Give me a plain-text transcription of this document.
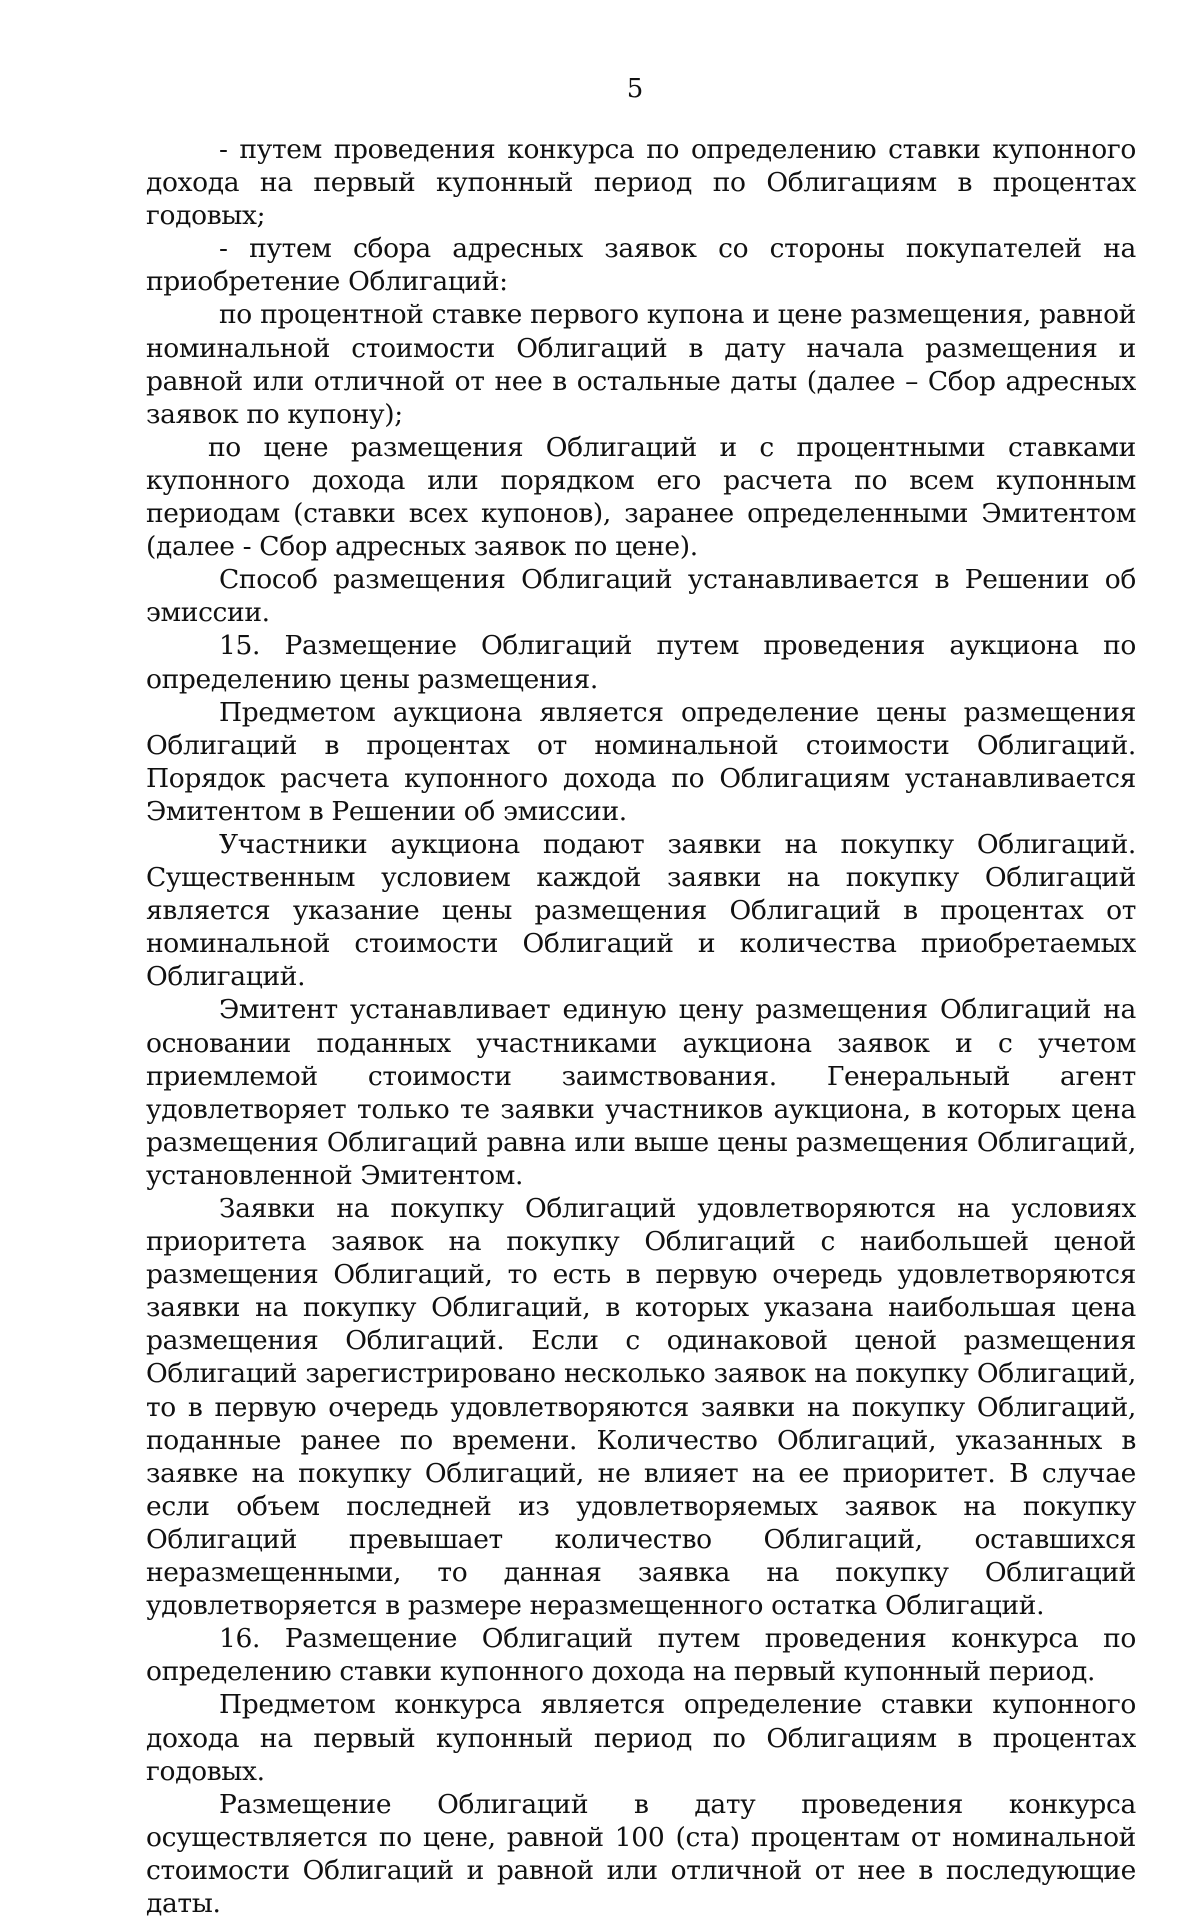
5

- путем проведения конкурса по определению ставки купонного дохода на первый купонный период по Облигациям в процентах годовых;

- путем сбора адресных заявок со стороны покупателей на приобретение Облигаций:

по процентной ставке первого купона и цене размещения, равной номинальной стоимости Облигаций в дату начала размещения и равной или отличной от нее в остальные даты (далее – Сбор адресных заявок по купону);

по цене размещения Облигаций и с процентными ставками купонного дохода или порядком его расчета по всем купонным периодам (ставки всех купонов), заранее определенными Эмитентом (далее - Сбор адресных заявок по цене).

Способ размещения Облигаций устанавливается в Решении об эмиссии.

15. Размещение Облигаций путем проведения аукциона по определению цены размещения.

Предметом аукциона является определение цены размещения Облигаций в процентах от номинальной стоимости Облигаций. Порядок расчета купонного дохода по Облигациям устанавливается Эмитентом в Решении об эмиссии.

Участники аукциона подают заявки на покупку Облигаций. Существенным условием каждой заявки на покупку Облигаций является указание цены размещения Облигаций в процентах от номинальной стоимости Облигаций и количества приобретаемых Облигаций.

Эмитент устанавливает единую цену размещения Облигаций на основании поданных участниками аукциона заявок и с учетом приемлемой стоимости заимствования. Генеральный агент удовлетворяет только те заявки участников аукциона, в которых цена размещения Облигаций равна или выше цены размещения Облигаций, установленной Эмитентом.

Заявки на покупку Облигаций удовлетворяются на условиях приоритета заявок на покупку Облигаций с наибольшей ценой размещения Облигаций, то есть в первую очередь удовлетворяются заявки на покупку Облигаций, в которых указана наибольшая цена размещения Облигаций. Если с одинаковой ценой размещения Облигаций зарегистрировано несколько заявок на покупку Облигаций, то в первую очередь удовлетворяются заявки на покупку Облигаций, поданные ранее по времени. Количество Облигаций, указанных в заявке на покупку Облигаций, не влияет на ее приоритет. В случае если объем последней из удовлетворяемых заявок на покупку Облигаций превышает количество Облигаций, оставшихся неразмещенными, то данная заявка на покупку Облигаций удовлетворяется в размере неразмещенного остатка Облигаций.

16. Размещение Облигаций путем проведения конкурса по определению ставки купонного дохода на первый купонный период.

Предметом конкурса является определение ставки купонного дохода на первый купонный период по Облигациям в процентах годовых.

Размещение Облигаций в дату проведения конкурса осуществляется по цене, равной 100 (ста) процентам от номинальной стоимости Облигаций и равной или отличной от нее в последующие даты.
